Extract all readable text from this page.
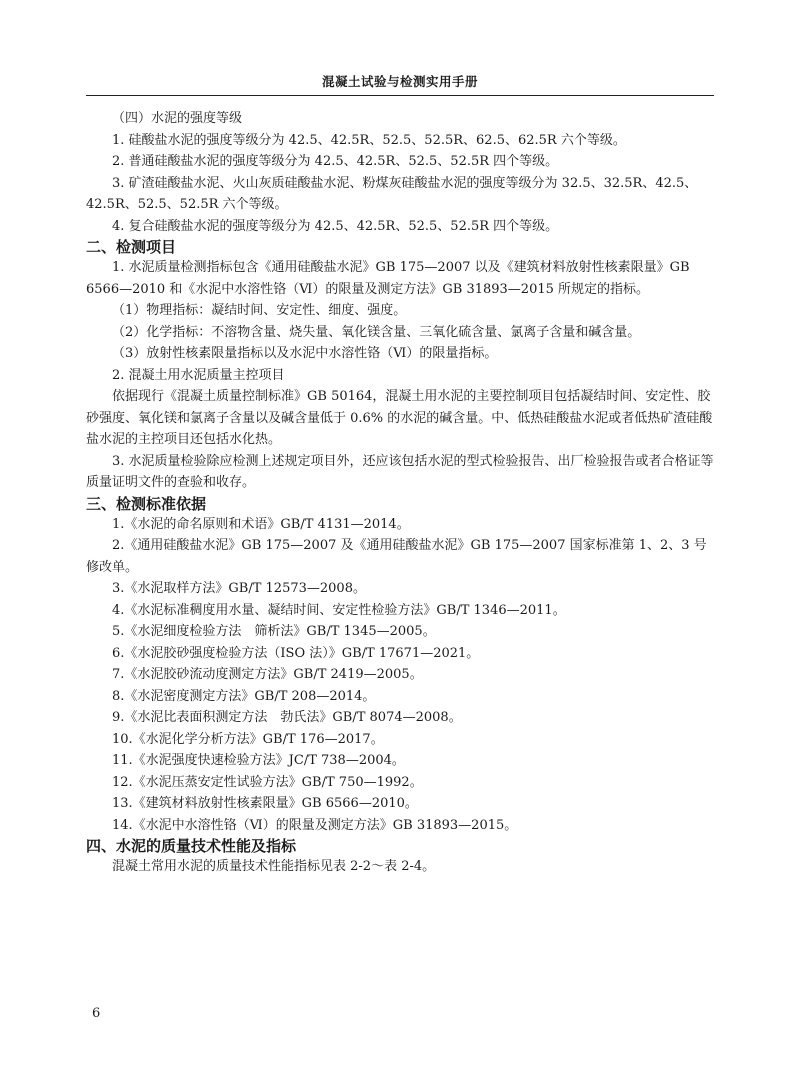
混凝土试验与检测实用手册

（四）水泥的强度等级

1. 硅酸盐水泥的强度等级分为 42.5、42.5R、52.5、52.5R、62.5、62.5R 六个等级。

2. 普通硅酸盐水泥的强度等级分为 42.5、42.5R、52.5、52.5R 四个等级。

3. 矿渣硅酸盐水泥、火山灰质硅酸盐水泥、粉煤灰硅酸盐水泥的强度等级分为 32.5、32.5R、42.5、42.5R、52.5、52.5R 六个等级。

4. 复合硅酸盐水泥的强度等级分为 42.5、42.5R、52.5、52.5R 四个等级。

二、检测项目

1. 水泥质量检测指标包含《通用硅酸盐水泥》GB 175—2007 以及《建筑材料放射性核素限量》GB 6566—2010 和《水泥中水溶性铬（Ⅵ）的限量及测定方法》GB 31893—2015 所规定的指标。

（1）物理指标：凝结时间、安定性、细度、强度。

（2）化学指标：不溶物含量、烧失量、氧化镁含量、三氧化硫含量、氯离子含量和碱含量。

（3）放射性核素限量指标以及水泥中水溶性铬（Ⅵ）的限量指标。

2. 混凝土用水泥质量主控项目

依据现行《混凝土质量控制标准》GB 50164，混凝土用水泥的主要控制项目包括凝结时间、安定性、胶砂强度、氧化镁和氯离子含量以及碱含量低于 0.6% 的水泥的碱含量。中、低热硅酸盐水泥或者低热矿渣硅酸盐水泥的主控项目还包括水化热。

3. 水泥质量检验除应检测上述规定项目外，还应该包括水泥的型式检验报告、出厂检验报告或者合格证等质量证明文件的查验和收存。

三、检测标准依据

1.《水泥的命名原则和术语》GB/T 4131—2014。

2.《通用硅酸盐水泥》GB 175—2007 及《通用硅酸盐水泥》GB 175—2007 国家标准第 1、2、3 号修改单。

3.《水泥取样方法》GB/T 12573—2008。

4.《水泥标准稠度用水量、凝结时间、安定性检验方法》GB/T 1346—2011。

5.《水泥细度检验方法　筛析法》GB/T 1345—2005。

6.《水泥胶砂强度检验方法（ISO 法）》GB/T 17671—2021。

7.《水泥胶砂流动度测定方法》GB/T 2419—2005。

8.《水泥密度测定方法》GB/T 208—2014。

9.《水泥比表面积测定方法　勃氏法》GB/T 8074—2008。

10.《水泥化学分析方法》GB/T 176—2017。

11.《水泥强度快速检验方法》JC/T 738—2004。

12.《水泥压蒸安定性试验方法》GB/T 750—1992。

13.《建筑材料放射性核素限量》GB 6566—2010。

14.《水泥中水溶性铬（Ⅵ）的限量及测定方法》GB 31893—2015。

四、水泥的质量技术性能及指标

混凝土常用水泥的质量技术性能指标见表 2-2～表 2-4。

6
